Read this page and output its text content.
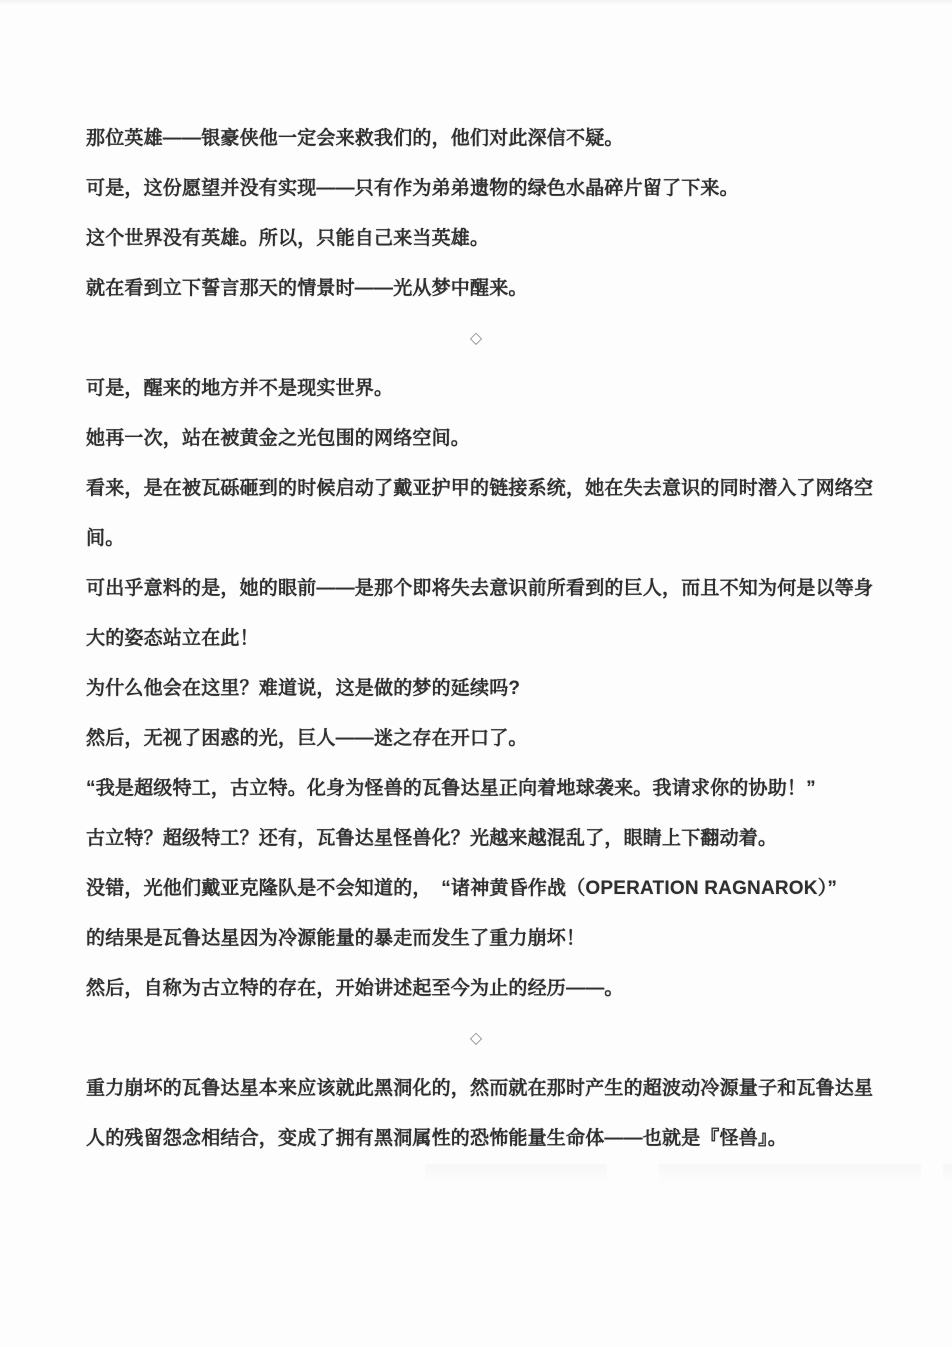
那位英雄——银豪侠他一定会来救我们的，他们对此深信不疑。
可是，这份愿望并没有实现——只有作为弟弟遗物的绿色水晶碎片留了下来。
这个世界没有英雄。所以，只能自己来当英雄。
就在看到立下誓言那天的情景时——光从梦中醒来。
◇
可是，醒来的地方并不是现实世界。
她再一次，站在被黄金之光包围的网络空间。
看来，是在被瓦砾砸到的时候启动了戴亚护甲的链接系统，她在失去意识的同时潜入了网络空
间。
可出乎意料的是，她的眼前——是那个即将失去意识前所看到的巨人，而且不知为何是以等身
大的姿态站立在此！
为什么他会在这里？难道说，这是做的梦的延续吗?
然后，无视了困惑的光，巨人——迷之存在开口了。
“我是超级特工，古立特。化身为怪兽的瓦鲁达星正向着地球袭来。我请求你的协助！”
古立特？超级特工？还有，瓦鲁达星怪兽化？光越来越混乱了，眼睛上下翻动着。
没错，光他们戴亚克隆队是不会知道的，　“诸神黄昏作战（OPERATION RAGNAROK）”
的结果是瓦鲁达星因为冷源能量的暴走而发生了重力崩坏！
然后，自称为古立特的存在，开始讲述起至今为止的经历——。
◇
重力崩坏的瓦鲁达星本来应该就此黑洞化的，然而就在那时产生的超波动冷源量子和瓦鲁达星
人的残留怨念相结合，变成了拥有黑洞属性的恐怖能量生命体——也就是『怪兽』。
